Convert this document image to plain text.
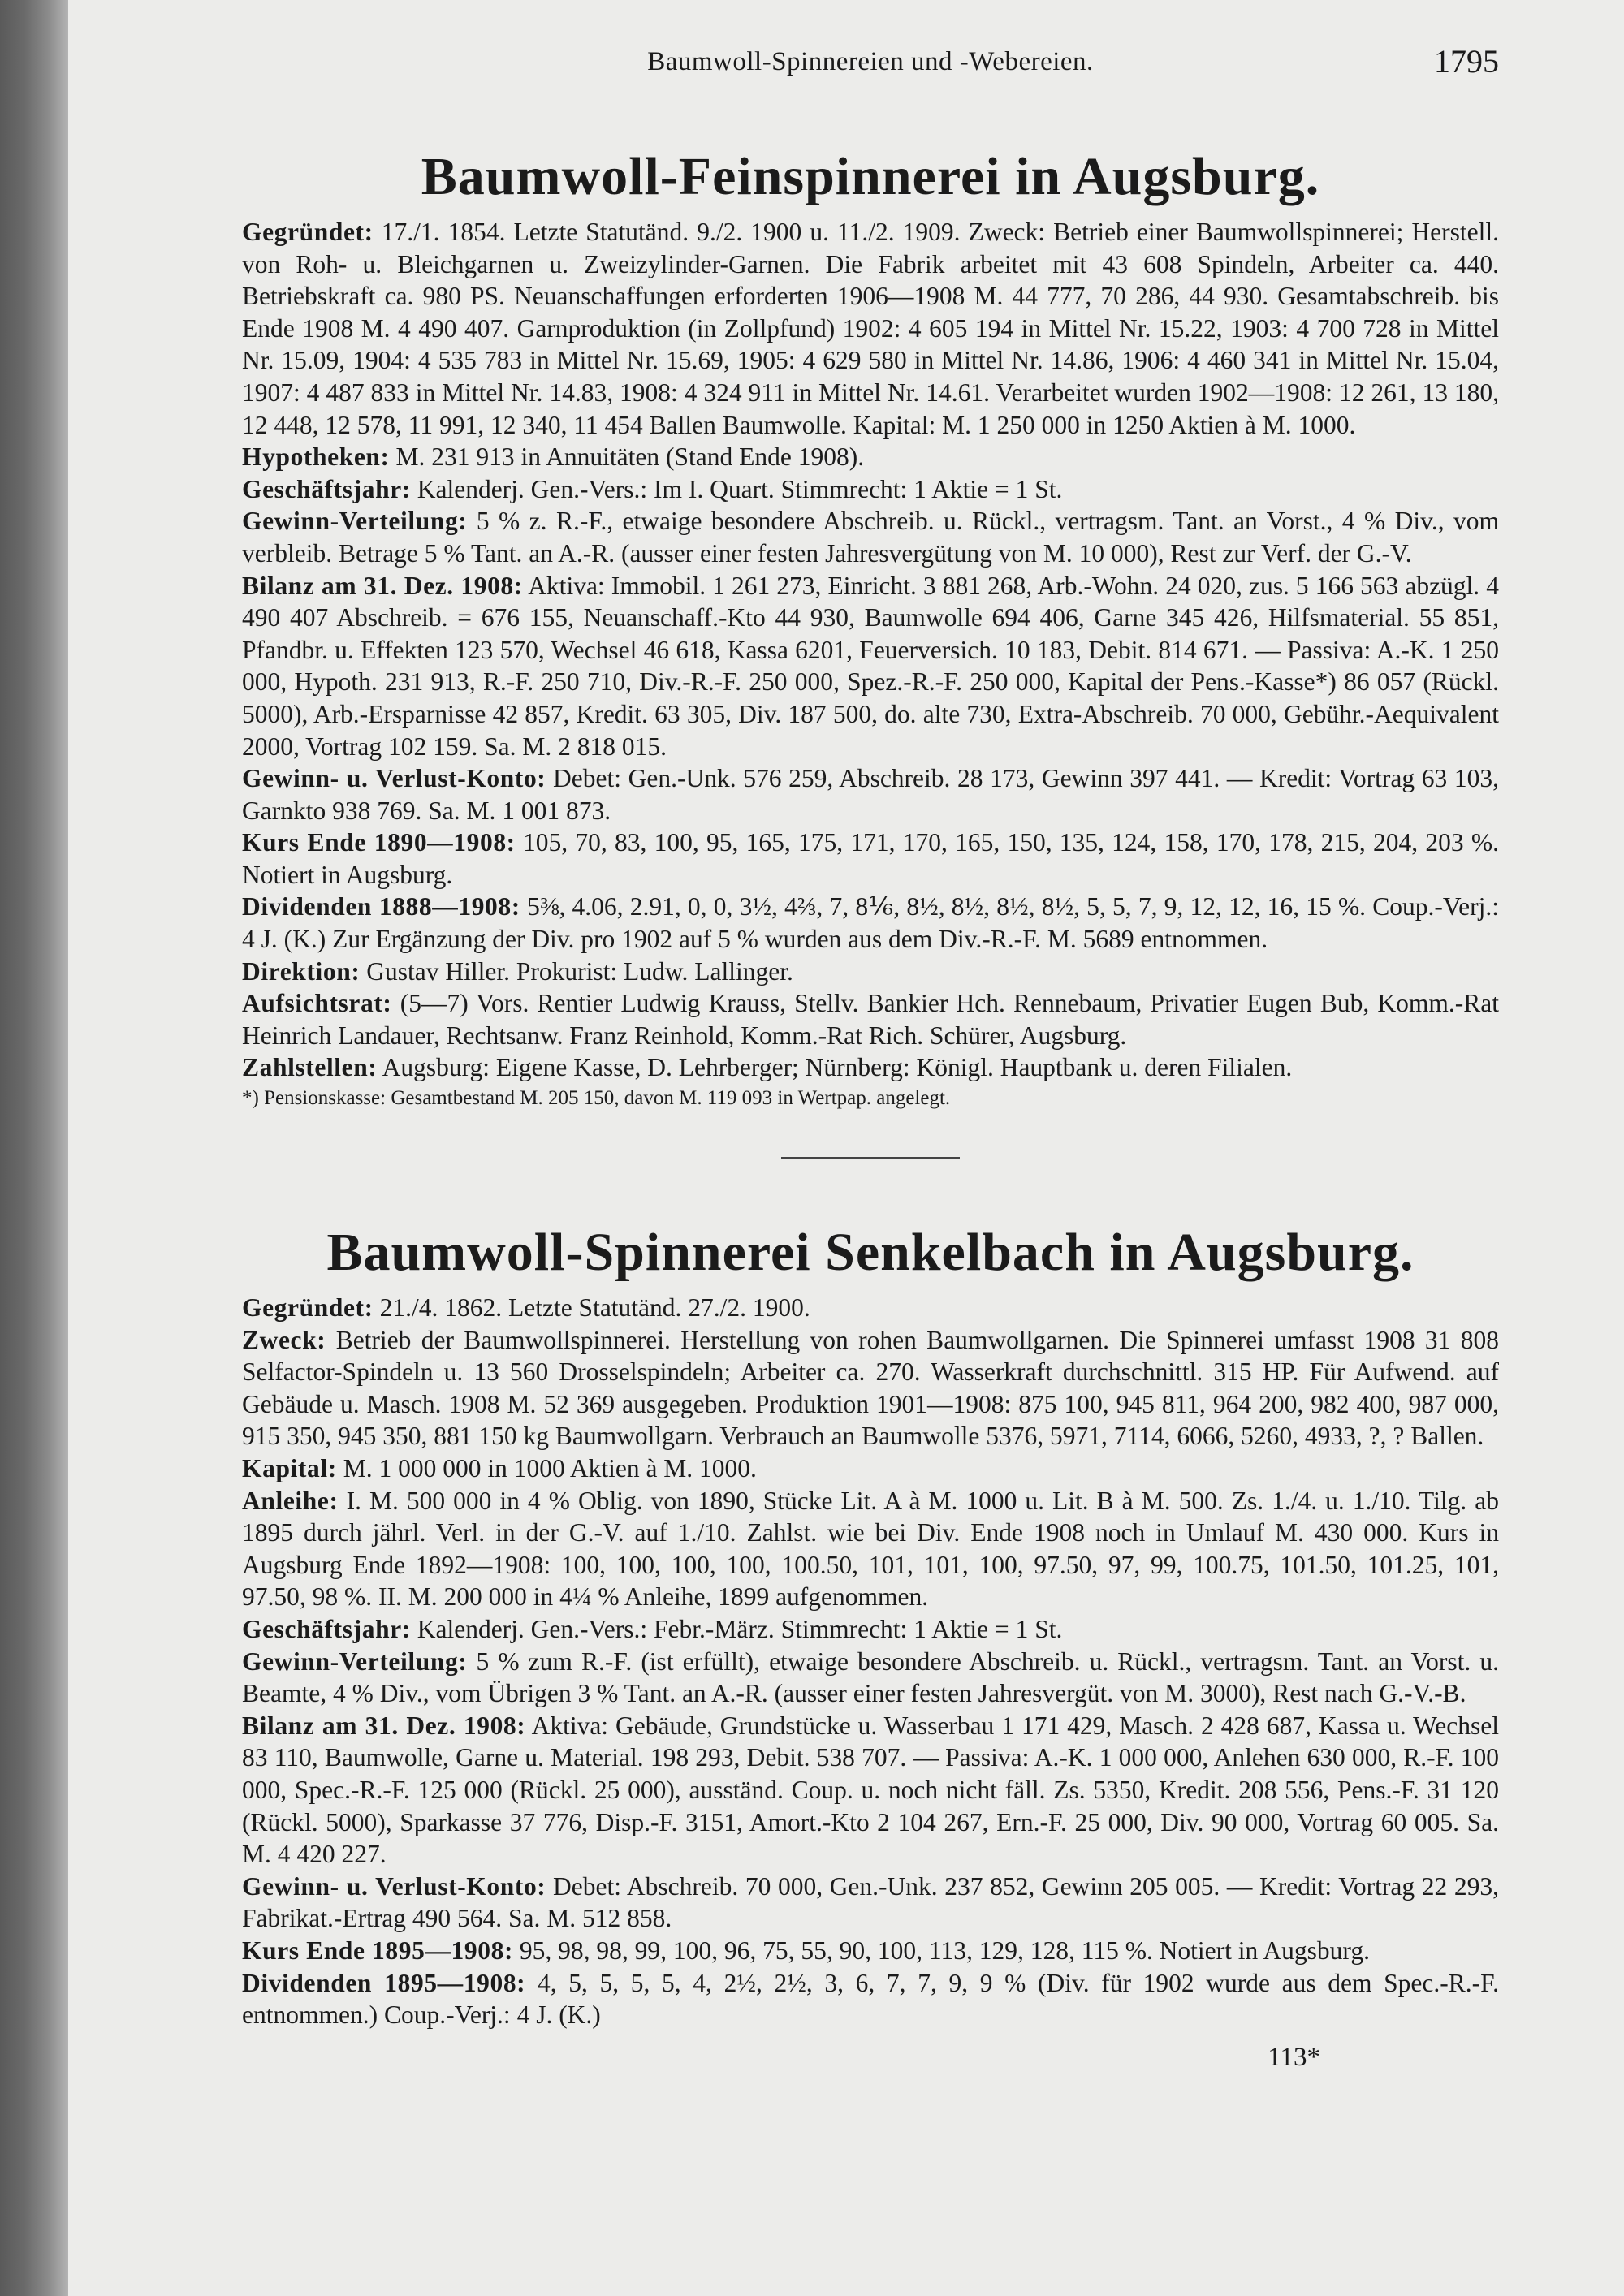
Baumwoll-Spinnereien und -Webereien.	1795
Baumwoll-Feinspinnerei in Augsburg.

Gegründet: 17./1. 1854. Letzte Statutänd. 9./2. 1900 u. 11./2. 1909. Zweck: Betrieb einer Baumwollspinnerei; Herstell. von Roh- u. Bleichgarnen u. Zweizylinder-Garnen. Die Fabrik arbeitet mit 43 608 Spindeln, Arbeiter ca. 440. Betriebskraft ca. 980 PS. Neuanschaffungen erforderten 1906—1908 M. 44 777, 70 286, 44 930. Gesamtabschreib. bis Ende 1908 M. 4 490 407. Garnproduktion (in Zollpfund) 1902: 4 605 194 in Mittel Nr. 15.22, 1903: 4 700 728 in Mittel Nr. 15.09, 1904: 4 535 783 in Mittel Nr. 15.69, 1905: 4 629 580 in Mittel Nr. 14.86, 1906: 4 460 341 in Mittel Nr. 15.04, 1907: 4 487 833 in Mittel Nr. 14.83, 1908: 4 324 911 in Mittel Nr. 14.61. Verarbeitet wurden 1902—1908: 12 261, 13 180, 12 448, 12 578, 11 991, 12 340, 11 454 Ballen Baumwolle. Kapital: M. 1 250 000 in 1250 Aktien à M. 1000.

Hypotheken: M. 231 913 in Annuitäten (Stand Ende 1908).

Geschäftsjahr: Kalenderj. Gen.-Vers.: Im I. Quart. Stimmrecht: 1 Aktie = 1 St.

Gewinn-Verteilung: 5 % z. R.-F., etwaige besondere Abschreib. u. Rückl., vertragsm. Tant. an Vorst., 4 % Div., vom verbleib. Betrage 5 % Tant. an A.-R. (ausser einer festen Jahresvergütung von M. 10 000), Rest zur Verf. der G.-V.

Bilanz am 31. Dez. 1908: Aktiva: Immobil. 1 261 273, Einricht. 3 881 268, Arb.-Wohn. 24 020, zus. 5 166 563 abzügl. 4 490 407 Abschreib. = 676 155, Neuanschaff.-Kto 44 930, Baumwolle 694 406, Garne 345 426, Hilfsmaterial. 55 851, Pfandbr. u. Effekten 123 570, Wechsel 46 618, Kassa 6201, Feuerversich. 10 183, Debit. 814 671. — Passiva: A.-K. 1 250 000, Hypoth. 231 913, R.-F. 250 710, Div.-R.-F. 250 000, Spez.-R.-F. 250 000, Kapital der Pens.-Kasse*) 86 057 (Rückl. 5000), Arb.-Ersparnisse 42 857, Kredit. 63 305, Div. 187 500, do. alte 730, Extra-Abschreib. 70 000, Gebühr.-Aequivalent 2000, Vortrag 102 159. Sa. M. 2 818 015.

Gewinn- u. Verlust-Konto: Debet: Gen.-Unk. 576 259, Abschreib. 28 173, Gewinn 397 441. — Kredit: Vortrag 63 103, Garnkto 938 769. Sa. M. 1 001 873.

Kurs Ende 1890—1908: 105, 70, 83, 100, 95, 165, 175, 171, 170, 165, 150, 135, 124, 158, 170, 178, 215, 204, 203 %. Notiert in Augsburg.

Dividenden 1888—1908: 5⅜, 4.06, 2.91, 0, 0, 3½, 4⅔, 7, 8⅙, 8½, 8½, 8½, 8½, 5, 5, 7, 9, 12, 12, 16, 15 %. Coup.-Verj.: 4 J. (K.) Zur Ergänzung der Div. pro 1902 auf 5 % wurden aus dem Div.-R.-F. M. 5689 entnommen.

Direktion: Gustav Hiller. Prokurist: Ludw. Lallinger.

Aufsichtsrat: (5—7) Vors. Rentier Ludwig Krauss, Stellv. Bankier Hch. Rennebaum, Privatier Eugen Bub, Komm.-Rat Heinrich Landauer, Rechtsanw. Franz Reinhold, Komm.-Rat Rich. Schürer, Augsburg.

Zahlstellen: Augsburg: Eigene Kasse, D. Lehrberger; Nürnberg: Königl. Hauptbank u. deren Filialen.

*) Pensionskasse: Gesamtbestand M. 205 150, davon M. 119 093 in Wertpap. angelegt.

Baumwoll-Spinnerei Senkelbach in Augsburg.

Gegründet: 21./4. 1862. Letzte Statutänd. 27./2. 1900.

Zweck: Betrieb der Baumwollspinnerei. Herstellung von rohen Baumwollgarnen. Die Spinnerei umfasst 1908 31 808 Selfactor-Spindeln u. 13 560 Drosselspindeln; Arbeiter ca. 270. Wasserkraft durchschnittl. 315 HP. Für Aufwend. auf Gebäude u. Masch. 1908 M. 52 369 ausgegeben. Produktion 1901—1908: 875 100, 945 811, 964 200, 982 400, 987 000, 915 350, 945 350, 881 150 kg Baumwollgarn. Verbrauch an Baumwolle 5376, 5971, 7114, 6066, 5260, 4933, ?, ? Ballen.

Kapital: M. 1 000 000 in 1000 Aktien à M. 1000.

Anleihe: I. M. 500 000 in 4 % Oblig. von 1890, Stücke Lit. A à M. 1000 u. Lit. B à M. 500. Zs. 1./4. u. 1./10. Tilg. ab 1895 durch jährl. Verl. in der G.-V. auf 1./10. Zahlst. wie bei Div. Ende 1908 noch in Umlauf M. 430 000. Kurs in Augsburg Ende 1892—1908: 100, 100, 100, 100, 100.50, 101, 101, 100, 97.50, 97, 99, 100.75, 101.50, 101.25, 101, 97.50, 98 %. II. M. 200 000 in 4¼ % Anleihe, 1899 aufgenommen.

Geschäftsjahr: Kalenderj. Gen.-Vers.: Febr.-März. Stimmrecht: 1 Aktie = 1 St.

Gewinn-Verteilung: 5 % zum R.-F. (ist erfüllt), etwaige besondere Abschreib. u. Rückl., vertragsm. Tant. an Vorst. u. Beamte, 4 % Div., vom Übrigen 3 % Tant. an A.-R. (ausser einer festen Jahresvergüt. von M. 3000), Rest nach G.-V.-B.

Bilanz am 31. Dez. 1908: Aktiva: Gebäude, Grundstücke u. Wasserbau 1 171 429, Masch. 2 428 687, Kassa u. Wechsel 83 110, Baumwolle, Garne u. Material. 198 293, Debit. 538 707. — Passiva: A.-K. 1 000 000, Anlehen 630 000, R.-F. 100 000, Spec.-R.-F. 125 000 (Rückl. 25 000), ausständ. Coup. u. noch nicht fäll. Zs. 5350, Kredit. 208 556, Pens.-F. 31 120 (Rückl. 5000), Sparkasse 37 776, Disp.-F. 3151, Amort.-Kto 2 104 267, Ern.-F. 25 000, Div. 90 000, Vortrag 60 005. Sa. M. 4 420 227.

Gewinn- u. Verlust-Konto: Debet: Abschreib. 70 000, Gen.-Unk. 237 852, Gewinn 205 005. — Kredit: Vortrag 22 293, Fabrikat.-Ertrag 490 564. Sa. M. 512 858.

Kurs Ende 1895—1908: 95, 98, 98, 99, 100, 96, 75, 55, 90, 100, 113, 129, 128, 115 %. Notiert in Augsburg.

Dividenden 1895—1908: 4, 5, 5, 5, 5, 4, 2½, 2½, 3, 6, 7, 7, 9, 9 % (Div. für 1902 wurde aus dem Spec.-R.-F. entnommen.) Coup.-Verj.: 4 J. (K.)

113*
